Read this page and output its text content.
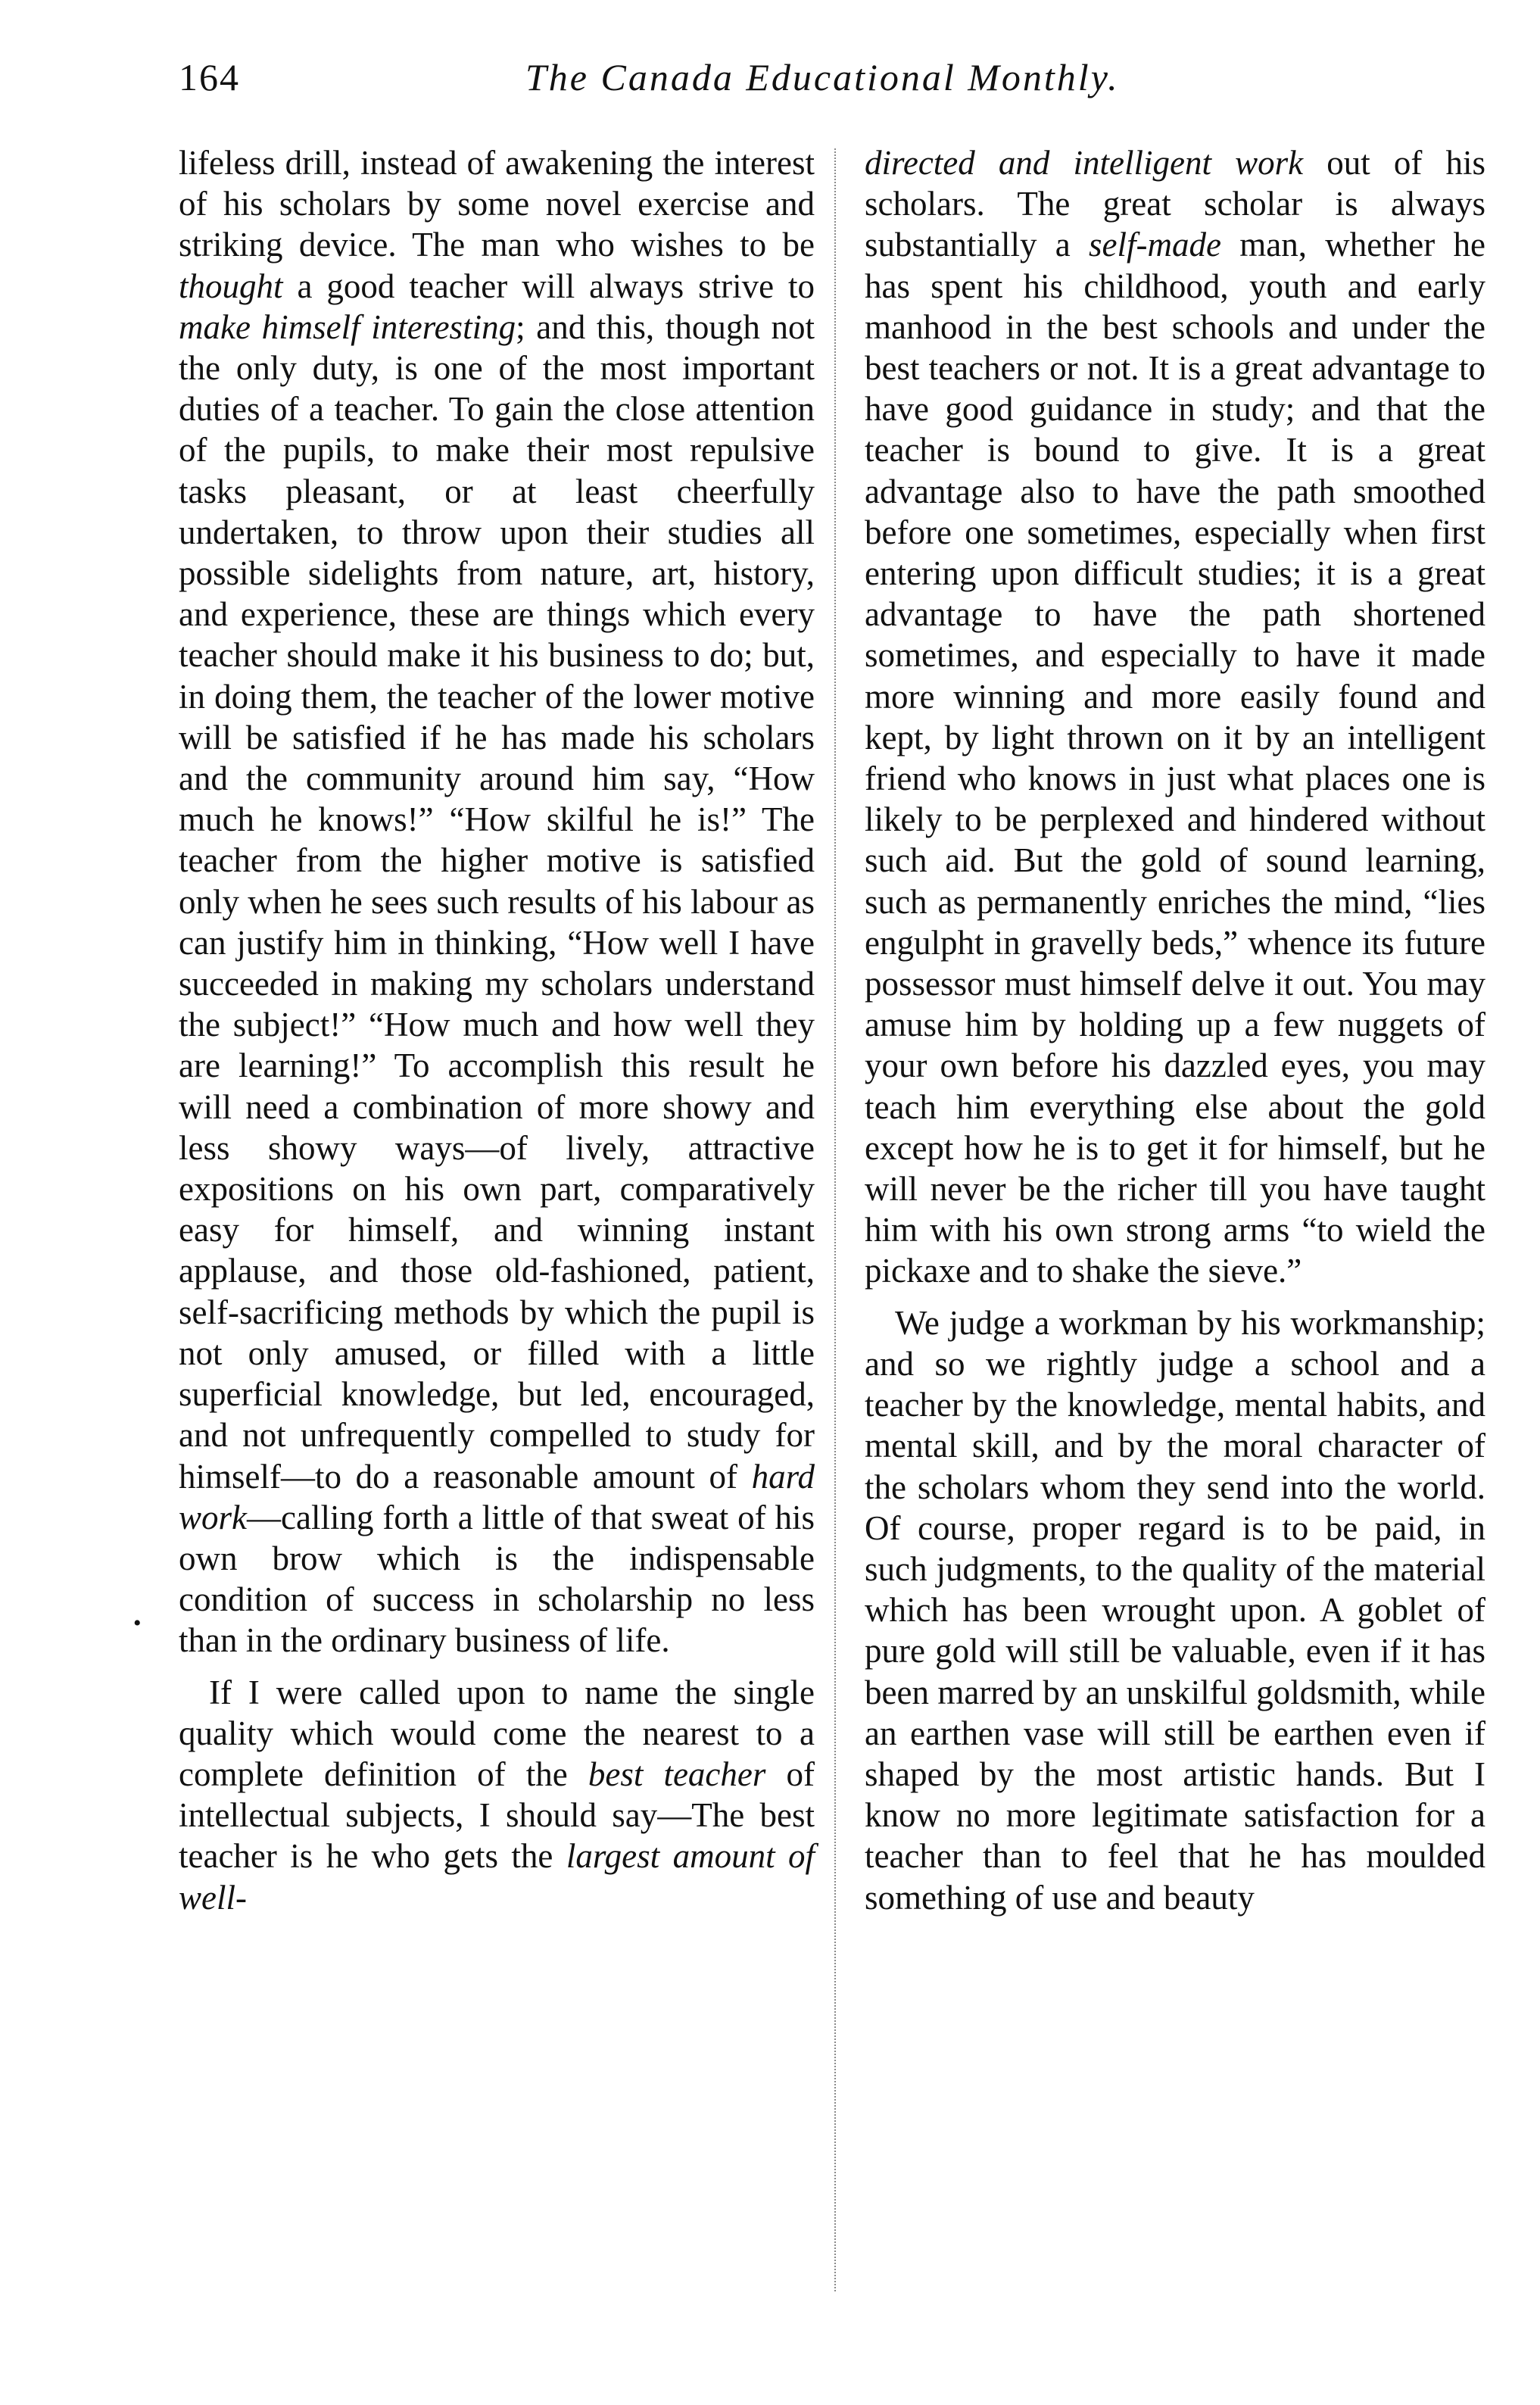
164	The Canada Educational Monthly.
•

lifeless drill, instead of awakening the interest of his scholars by some novel exercise and striking device. The man who wishes to be thought a good teacher will always strive to make himself interesting; and this, though not the only duty, is one of the most important duties of a teacher. To gain the close attention of the pupils, to make their most repulsive tasks pleasant, or at least cheerfully undertaken, to throw upon their studies all possible sidelights from nature, art, history, and experience, these are things which every teacher should make it his business to do; but, in doing them, the teacher of the lower motive will be satisfied if he has made his scholars and the community around him say, “How much he knows!” “How skilful he is!” The teacher from the higher motive is satisfied only when he sees such results of his labour as can justify him in thinking, “How well I have succeeded in making my scholars understand the subject!” “How much and how well they are learning!” To accomplish this result he will need a combination of more showy and less showy ways—of lively, attractive expositions on his own part, comparatively easy for himself, and winning instant applause, and those old-fashioned, patient, self-sacrificing methods by which the pupil is not only amused, or filled with a little superficial knowledge, but led, encouraged, and not unfrequently compelled to study for himself—to do a reasonable amount of hard work—calling forth a little of that sweat of his own brow which is the indispensable condition of success in scholarship no less than in the ordinary business of life.

If I were called upon to name the single quality which would come the nearest to a complete definition of the best teacher of intellectual subjects, I should say—The best teacher is he who gets the largest amount of well-

directed and intelligent work out of his scholars. The great scholar is always substantially a self-made man, whether he has spent his childhood, youth and early manhood in the best schools and under the best teachers or not. It is a great advantage to have good guidance in study; and that the teacher is bound to give. It is a great advantage also to have the path smoothed before one sometimes, especially when first entering upon difficult studies; it is a great advantage to have the path shortened sometimes, and especially to have it made more winning and more easily found and kept, by light thrown on it by an intelligent friend who knows in just what places one is likely to be perplexed and hindered without such aid. But the gold of sound learning, such as permanently enriches the mind, “lies engulpht in gravelly beds,” whence its future possessor must himself delve it out. You may amuse him by holding up a few nuggets of your own before his dazzled eyes, you may teach him everything else about the gold except how he is to get it for himself, but he will never be the richer till you have taught him with his own strong arms “to wield the pickaxe and to shake the sieve.”

We judge a workman by his workmanship; and so we rightly judge a school and a teacher by the knowledge, mental habits, and mental skill, and by the moral character of the scholars whom they send into the world. Of course, proper regard is to be paid, in such judgments, to the quality of the material which has been wrought upon. A goblet of pure gold will still be valuable, even if it has been marred by an unskilful goldsmith, while an earthen vase will still be earthen even if shaped by the most artistic hands. But I know no more legitimate satisfaction for a teacher than to feel that he has moulded something of use and beauty
